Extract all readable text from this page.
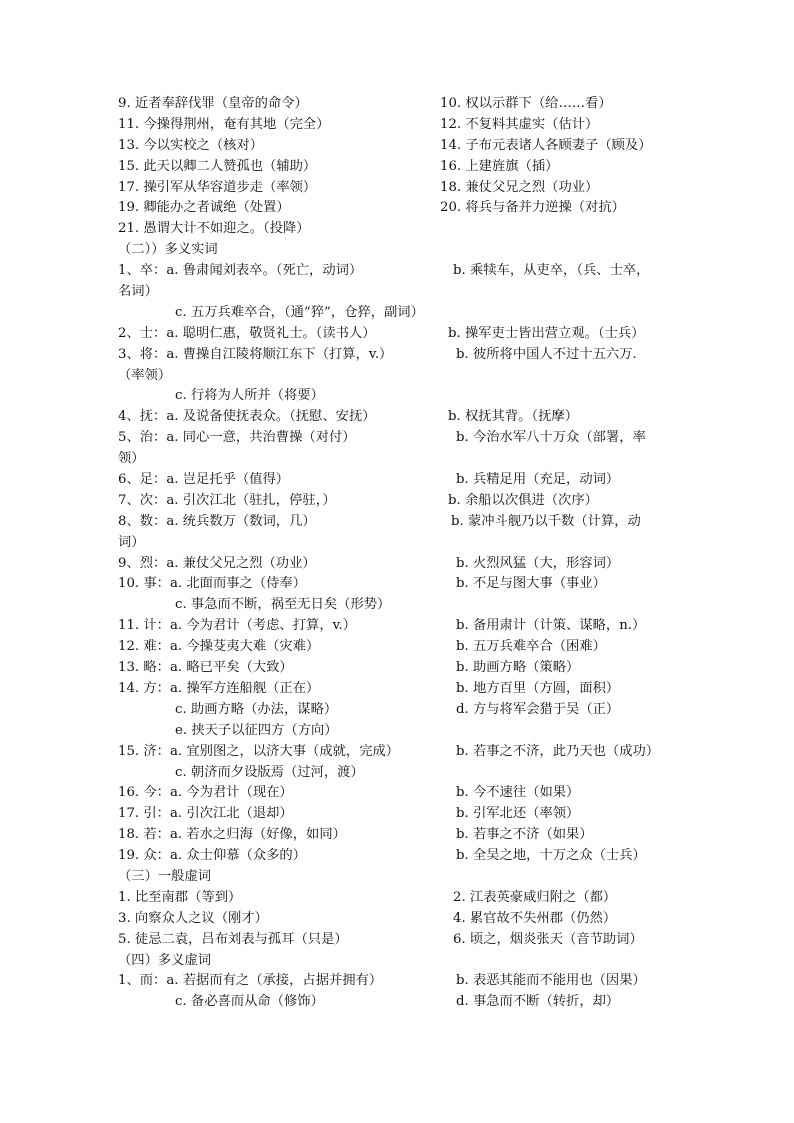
9. 近者奉辞伐罪（皇帝的命令）	10. 权以示群下（给……看）
11. 今操得荆州，奄有其地（完全）	12. 不复料其虚实（估计）
13. 今以实校之（核对）	14. 子布元表诸人各顾妻子（顾及）
15. 此天以卿二人赞孤也（辅助）	16. 上建旌旗（插）
17. 操引军从华容道步走（率领）	18. 兼仗父兄之烈（功业）
19. 卿能办之者诚绝（处置）	20. 将兵与备并力逆操（对抗）
21. 愚谓大计不如迎之。（投降）
（二））多义实词
1、卒：a. 鲁肃闻刘表卒。（死亡，动词）	b. 乘犊车，从吏卒，（兵、士卒，
名词）
c. 五万兵难卒合，（通“猝”，仓猝，副词）
2、士：a. 聪明仁惠，敬贤礼士。（读书人）	b. 操军吏士皆出营立观。（士兵）
3、将：a. 曹操自江陵将顺江东下（打算，v.）	b. 彼所将中国人不过十五六万.
（率领）
c. 行将为人所并（将要）
4、抚：a. 及说备使抚表众。（抚慰、安抚）	b. 权抚其背。（抚摩）
5、治：a. 同心一意，共治曹操（对付）	b. 今治水军八十万众（部署，率
领）
6、足：a. 岂足托乎（值得）	b. 兵精足用（充足，动词）
7、次：a. 引次江北（驻扎，停驻，）	b. 余船以次俱进（次序）
8、数：a. 统兵数万（数词，几）	b. 蒙冲斗舰乃以千数（计算，动
词）
9、烈：a. 兼仗父兄之烈（功业）	b. 火烈风猛（大，形容词）
10. 事：a. 北面而事之（侍奉）	b. 不足与图大事（事业）
c. 事急而不断，祸至无日矣（形势）
11. 计：a. 今为君计（考虑、打算，v.）	b. 备用肃计（计策、谋略，n.）
12. 难：a. 今操芟夷大难（灾难）	b. 五万兵难卒合（困难）
13. 略：a. 略已平矣（大致）	b. 助画方略（策略）
14. 方：a. 操军方连船舰（正在）	b. 地方百里（方圆，面积）
c. 助画方略（办法，谋略）	d. 方与将军会猎于吴（正）
e. 挟天子以征四方（方向）
15. 济：a. 宜别图之，以济大事（成就，完成）	b. 若事之不济，此乃天也（成功）
c. 朝济而夕设版焉（过河，渡）
16. 今：a. 今为君计（现在）	b. 今不速往（如果）
17. 引：a. 引次江北（退却）	b. 引军北还（率领）
18. 若：a. 若水之归海（好像，如同）	b. 若事之不济（如果）
19. 众：a. 众士仰慕（众多的）	b. 全吴之地，十万之众（士兵）
（三）一般虚词
1. 比至南郡（等到）	2. 江表英豪咸归附之（都）
3. 向察众人之议（刚才）	4. 累官故不失州郡（仍然）
5. 徒忌二袁，吕布刘表与孤耳（只是）	6. 顷之，烟炎张天（音节助词）
（四）多义虚词
1、而：a. 若据而有之（承接，占据并拥有）	b. 表恶其能而不能用也（因果）
c. 备必喜而从命（修饰）	d. 事急而不断（转折，却）
